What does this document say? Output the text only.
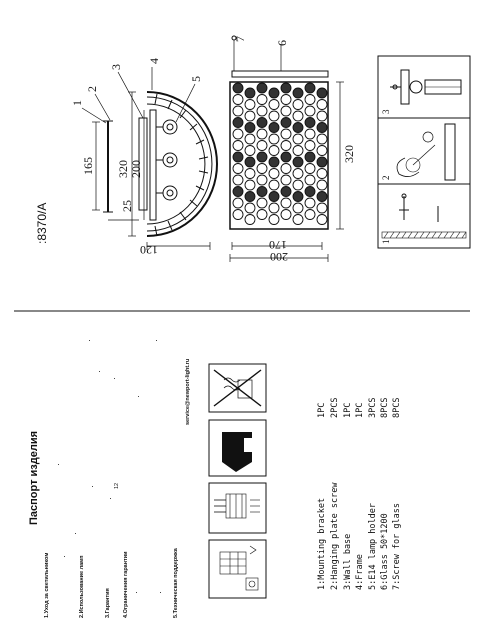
:8370/A
165 320 200
25
120
320
170
200
1
2
3
4
5
6
7
3
2
1
Паспорт изделия
1.Уход за светильником	2.Использование ламп	3.Гарантия
12
4.Ограничения гарантии	5.Техническая поддержка
service@newport-light.ru
1:Mounting bracket
1PC
2:Hanging plate screw
2PCS
3:Wall base
1PC
4:Frame
1PC
5:E14 lamp holder
3PCS
6:Glass 50*1200
8PCS
7:Screw for glass
8PCS
